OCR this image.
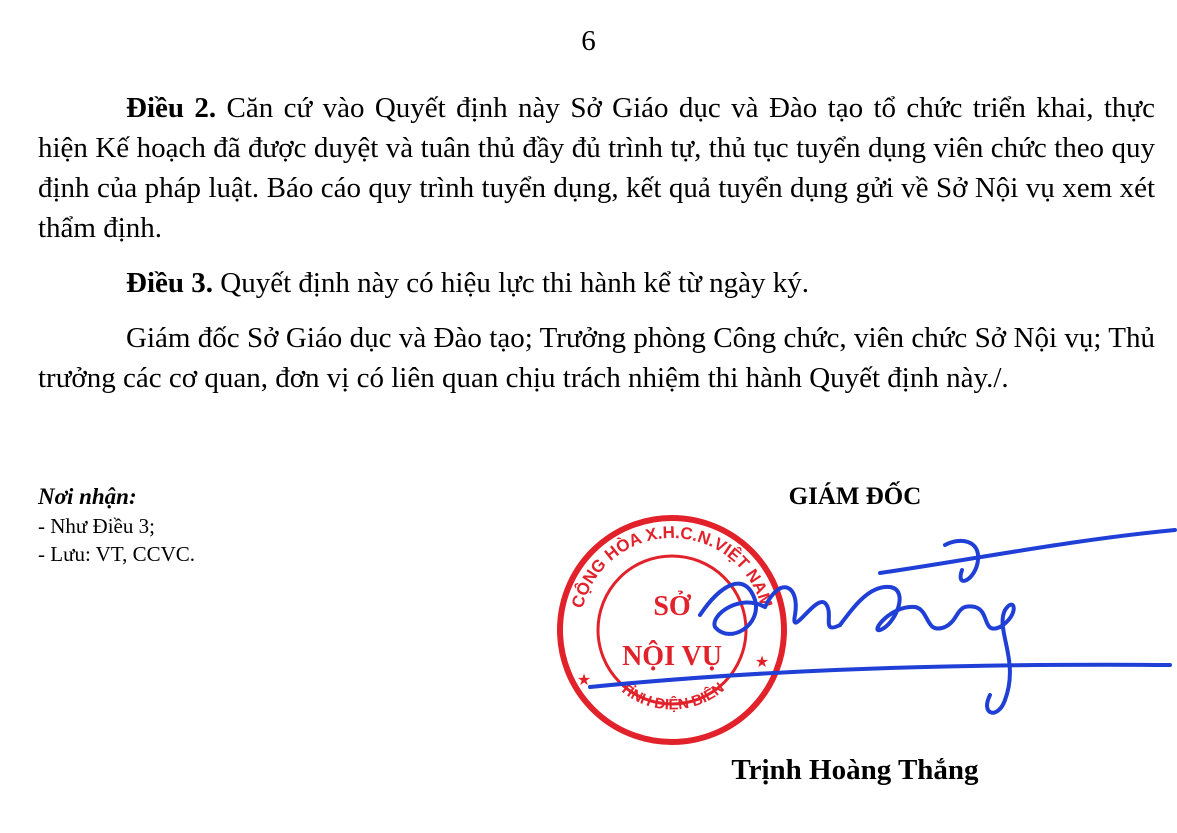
6

Điều 2. Căn cứ vào Quyết định này Sở Giáo dục và Đào tạo tổ chức triển khai, thực hiện Kế hoạch đã được duyệt và tuân thủ đầy đủ trình tự, thủ tục tuyển dụng viên chức theo quy định của pháp luật. Báo cáo quy trình tuyển dụng, kết quả tuyển dụng gửi về Sở Nội vụ xem xét thẩm định.

Điều 3. Quyết định này có hiệu lực thi hành kể từ ngày ký.

Giám đốc Sở Giáo dục và Đào tạo; Trưởng phòng Công chức, viên chức Sở Nội vụ; Thủ trưởng các cơ quan, đơn vị có liên quan chịu trách nhiệm thi hành Quyết định này./.

Nơi nhận:
- Như Điều 3;
- Lưu: VT, CCVC.
GIÁM ĐỐC
CỘNG HÒA X.H.C.N.VIỆT NAM
TỈNH ĐIỆN BIÊN
SỞ
NỘI VỤ
★
★
Trịnh Hoàng Thắng
